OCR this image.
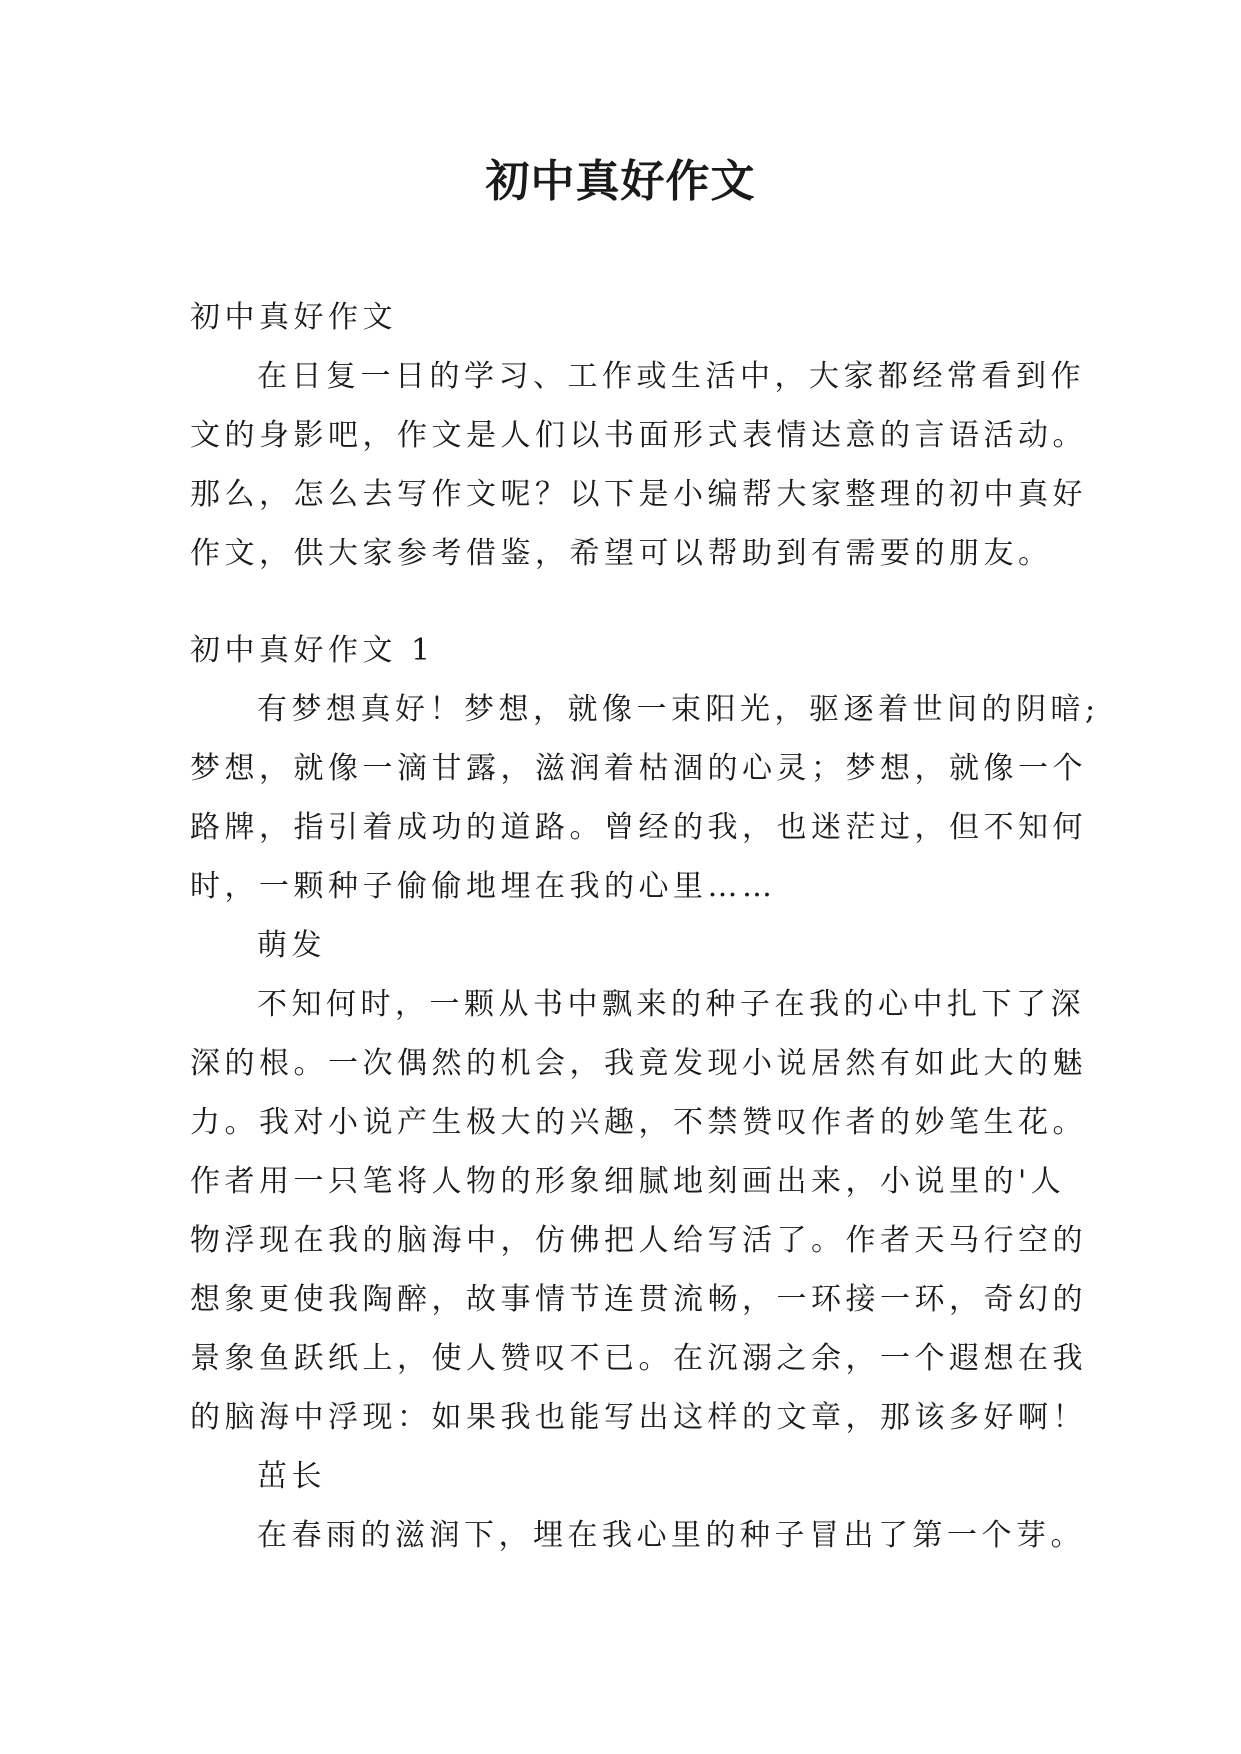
初中真好作文
初中真好作文
在日复一日的学习、工作或生活中，大家都经常看到作
文的身影吧，作文是人们以书面形式表情达意的言语活动。
那么，怎么去写作文呢？以下是小编帮大家整理的初中真好
作文，供大家参考借鉴，希望可以帮助到有需要的朋友。
初中真好作文 1
有梦想真好！梦想，就像一束阳光，驱逐着世间的阴暗;
梦想，就像一滴甘露，滋润着枯涸的心灵；梦想，就像一个
路牌，指引着成功的道路。曾经的我，也迷茫过，但不知何
时，一颗种子偷偷地埋在我的心里……
萌发
不知何时，一颗从书中飘来的种子在我的心中扎下了深
深的根。一次偶然的机会，我竟发现小说居然有如此大的魅
力。我对小说产生极大的兴趣，不禁赞叹作者的妙笔生花。
作者用一只笔将人物的形象细腻地刻画出来，小说里的'人
物浮现在我的脑海中，仿佛把人给写活了。作者天马行空的
想象更使我陶醉，故事情节连贯流畅，一环接一环，奇幻的
景象鱼跃纸上，使人赞叹不已。在沉溺之余，一个遐想在我
的脑海中浮现：如果我也能写出这样的文章，那该多好啊！
茁长
在春雨的滋润下，埋在我心里的种子冒出了第一个芽。
